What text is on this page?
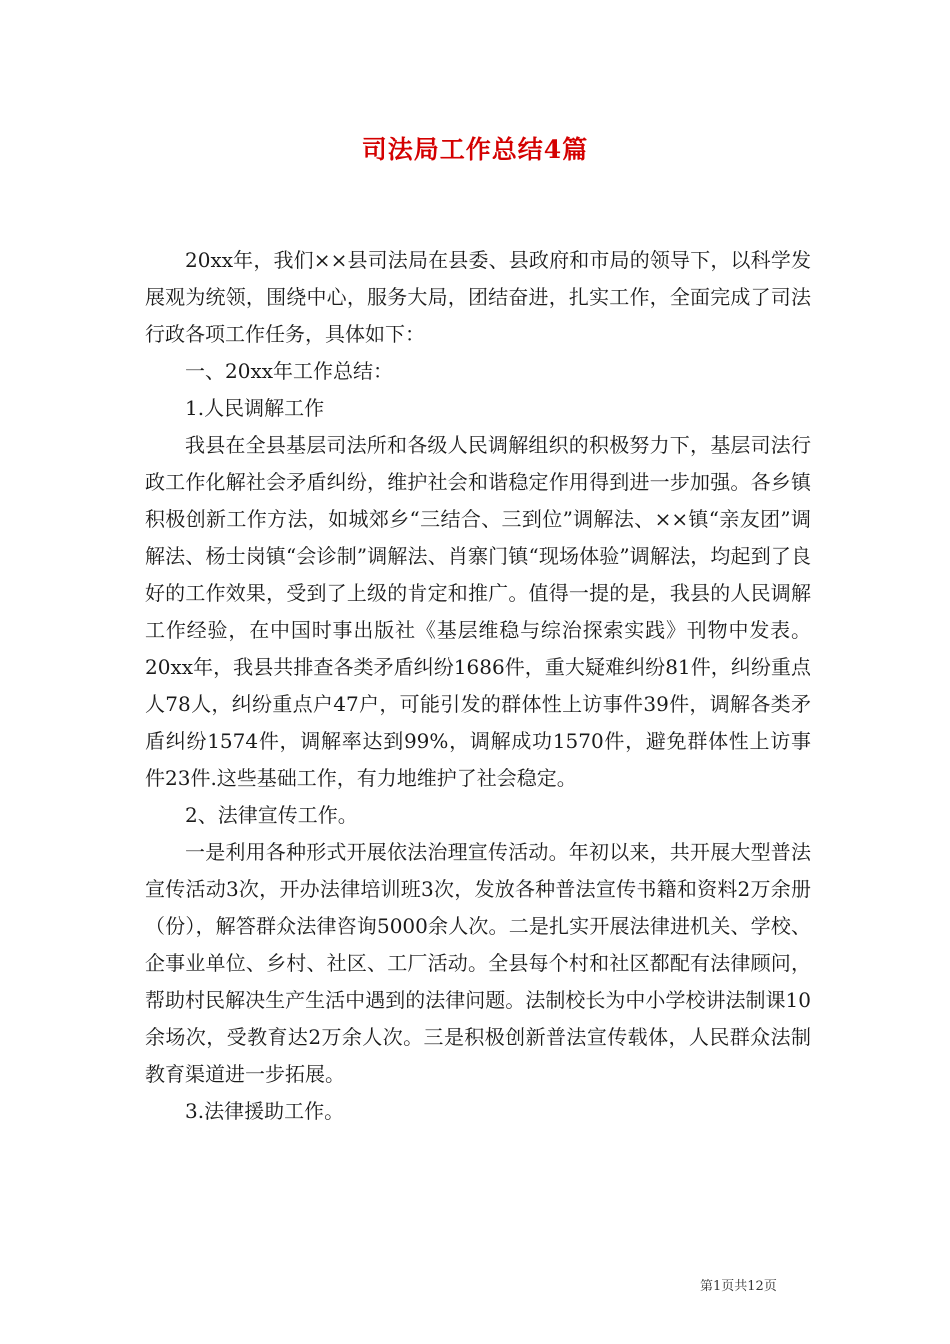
司法局工作总结4篇

20xx年，我们××县司法局在县委、县政府和市局的领导下，以科学发展观为统领，围绕中心，服务大局，团结奋进，扎实工作，全面完成了司法行政各项工作任务，具体如下：

一、20xx年工作总结：

1.人民调解工作

我县在全县基层司法所和各级人民调解组织的积极努力下，基层司法行政工作化解社会矛盾纠纷，维护社会和谐稳定作用得到进一步加强。各乡镇积极创新工作方法，如城郊乡“三结合、三到位”调解法、××镇“亲友团”调解法、杨士岗镇“会诊制”调解法、肖寨门镇“现场体验”调解法，均起到了良好的工作效果，受到了上级的肯定和推广。值得一提的是，我县的人民调解工作经验，在中国时事出版社《基层维稳与综治探索实践》刊物中发表。20xx年，我县共排查各类矛盾纠纷1686件，重大疑难纠纷81件，纠纷重点人78人，纠纷重点户47户，可能引发的群体性上访事件39件，调解各类矛盾纠纷1574件，调解率达到99%，调解成功1570件，避免群体性上访事件23件.这些基础工作，有力地维护了社会稳定。

2、法律宣传工作。

一是利用各种形式开展依法治理宣传活动。年初以来，共开展大型普法宣传活动3次，开办法律培训班3次，发放各种普法宣传书籍和资料2万余册（份），解答群众法律咨询5000余人次。二是扎实开展法律进机关、学校、企事业单位、乡村、社区、工厂活动。全县每个村和社区都配有法律顾问，帮助村民解决生产生活中遇到的法律问题。法制校长为中小学校讲法制课10余场次，受教育达2万余人次。三是积极创新普法宣传载体，人民群众法制教育渠道进一步拓展。

3.法律援助工作。

第1页共12页
